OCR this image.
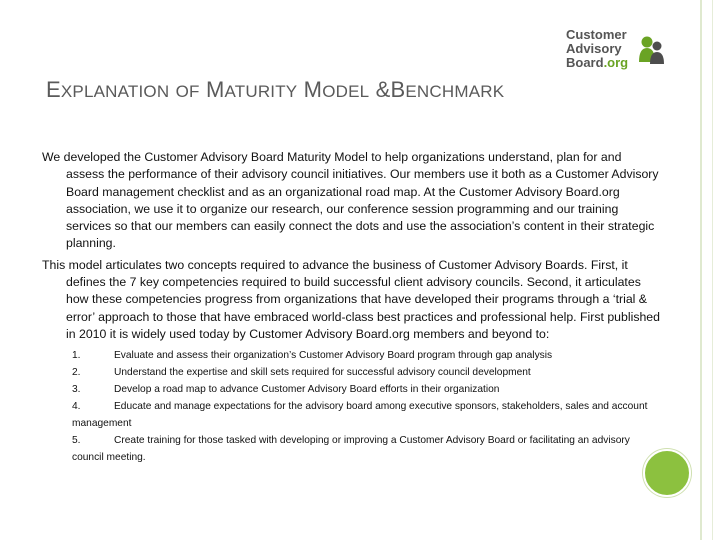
Customer
Advisory
Board.org
EXPLANATION OF MATURITY MODEL &BENCHMARK

We developed the Customer Advisory Board Maturity Model to help organizations understand, plan for and assess the performance of their advisory council initiatives. Our members use it both as a Customer Advisory Board management checklist and as an organizational road map. At the Customer Advisory Board.org association, we use it to organize our research, our conference session programming and our training services so that our members can easily connect the dots and use the association’s content in their strategic planning.

This model articulates two concepts required to advance the business of Customer Advisory Boards. First, it defines the 7 key competencies required to build successful client advisory councils. Second, it articulates how these competencies progress from organizations that have developed their programs through a ‘trial & error’ approach to those that have embraced world-class best practices and professional help. First published in 2010 it is widely used today by Customer Advisory Board.org members and beyond to:

1.	Evaluate and assess their organization’s Customer Advisory Board program through gap analysis
2.	Understand the expertise and skill sets required for successful advisory council development
3.	Develop a road map to advance Customer Advisory Board efforts in their organization
4.	Educate and manage expectations for the advisory board among executive sponsors, stakeholders, sales and account management
5.	Create training for those tasked with developing or improving a Customer Advisory Board or facilitating an advisory council meeting.
